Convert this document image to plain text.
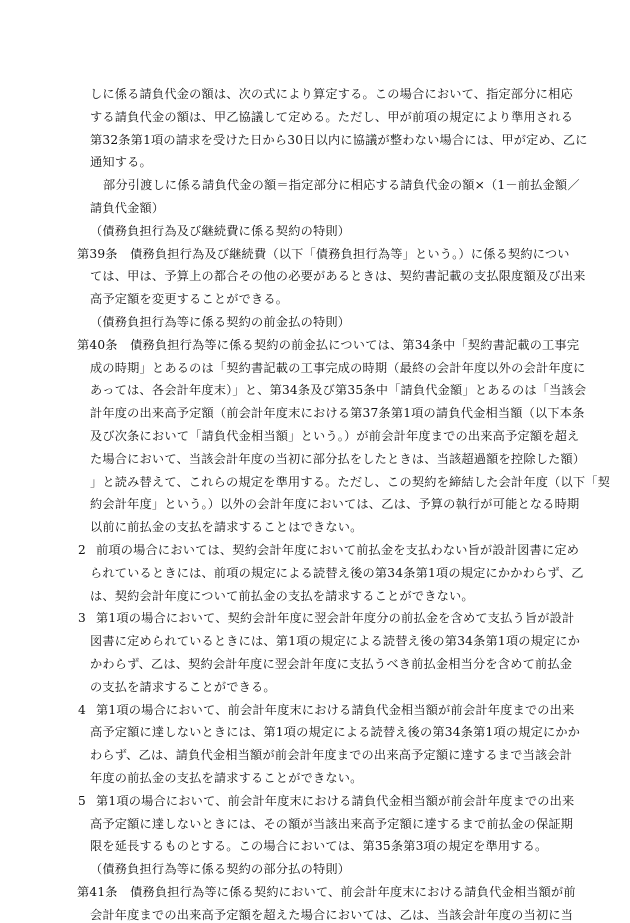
しに係る請負代金の額は、次の式により算定する。この場合において、指定部分に相応
する請負代金の額は、甲乙協議して定める。ただし、甲が前項の規定により準用される
第32条第1項の請求を受けた日から30日以内に協議が整わない場合には、甲が定め、乙に
通知する。
部分引渡しに係る請負代金の額＝指定部分に相応する請負代金の額×（1－前払金額／
請負代金額）
（債務負担行為及び継続費に係る契約の特則）
第39条　債務負担行為及び継続費（以下「債務負担行為等」という。）に係る契約につい
ては、甲は、予算上の都合その他の必要があるときは、契約書記載の支払限度額及び出来
高予定額を変更することができる。
（債務負担行為等に係る契約の前金払の特則）
第40条　債務負担行為等に係る契約の前金払については、第34条中「契約書記載の工事完
成の時期」とあるのは「契約書記載の工事完成の時期（最終の会計年度以外の会計年度に
あっては、各会計年度末）」と、第34条及び第35条中「請負代金額」とあるのは「当該会
計年度の出来高予定額（前会計年度末における第37条第1項の請負代金相当額（以下本条
及び次条において「請負代金相当額」という。）が前会計年度までの出来高予定額を超え
た場合において、当該会計年度の当初に部分払をしたときは、当該超過額を控除した額）
」と読み替えて、これらの規定を準用する。ただし、この契約を締結した会計年度（以下「契
約会計年度」という。）以外の会計年度においては、乙は、予算の執行が可能となる時期
以前に前払金の支払を請求することはできない。
前項の場合においては、契約会計年度において前払金を支払わない旨が設計図書に定め
2
られているときには、前項の規定による読替え後の第34条第1項の規定にかかわらず、乙
は、契約会計年度について前払金の支払を請求することができない。
第1項の場合において、契約会計年度に翌会計年度分の前払金を含めて支払う旨が設計
3
図書に定められているときには、第1項の規定による読替え後の第34条第1項の規定にか
かわらず、乙は、契約会計年度に翌会計年度に支払うべき前払金相当分を含めて前払金
の支払を請求することができる。
第1項の場合において、前会計年度末における請負代金相当額が前会計年度までの出来
4
高予定額に達しないときには、第1項の規定による読替え後の第34条第1項の規定にかか
わらず、乙は、請負代金相当額が前会計年度までの出来高予定額に達するまで当該会計
年度の前払金の支払を請求することができない。
第1項の場合において、前会計年度末における請負代金相当額が前会計年度までの出来
5
高予定額に達しないときには、その額が当該出来高予定額に達するまで前払金の保証期
限を延長するものとする。この場合においては、第35条第3項の規定を準用する。
（債務負担行為等に係る契約の部分払の特則）
第41条　債務負担行為等に係る契約において、前会計年度末における請負代金相当額が前
会計年度までの出来高予定額を超えた場合においては、乙は、当該会計年度の当初に当
